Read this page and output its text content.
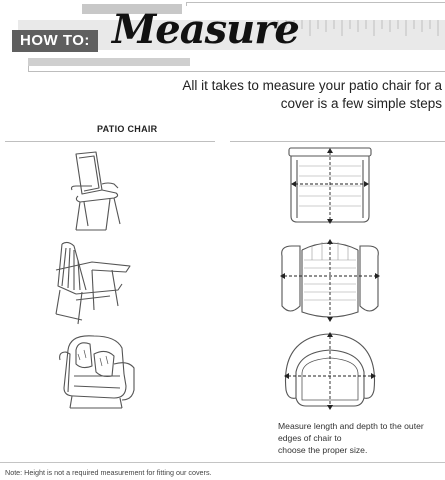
HOW TO: Measure
All it takes to measure your patio chair for a
cover is a few simple steps
PATIO CHAIR
Measure length and depth to the outer edges of chair to
choose the proper size.
Note: Height is not a required measurement for fitting our covers.
